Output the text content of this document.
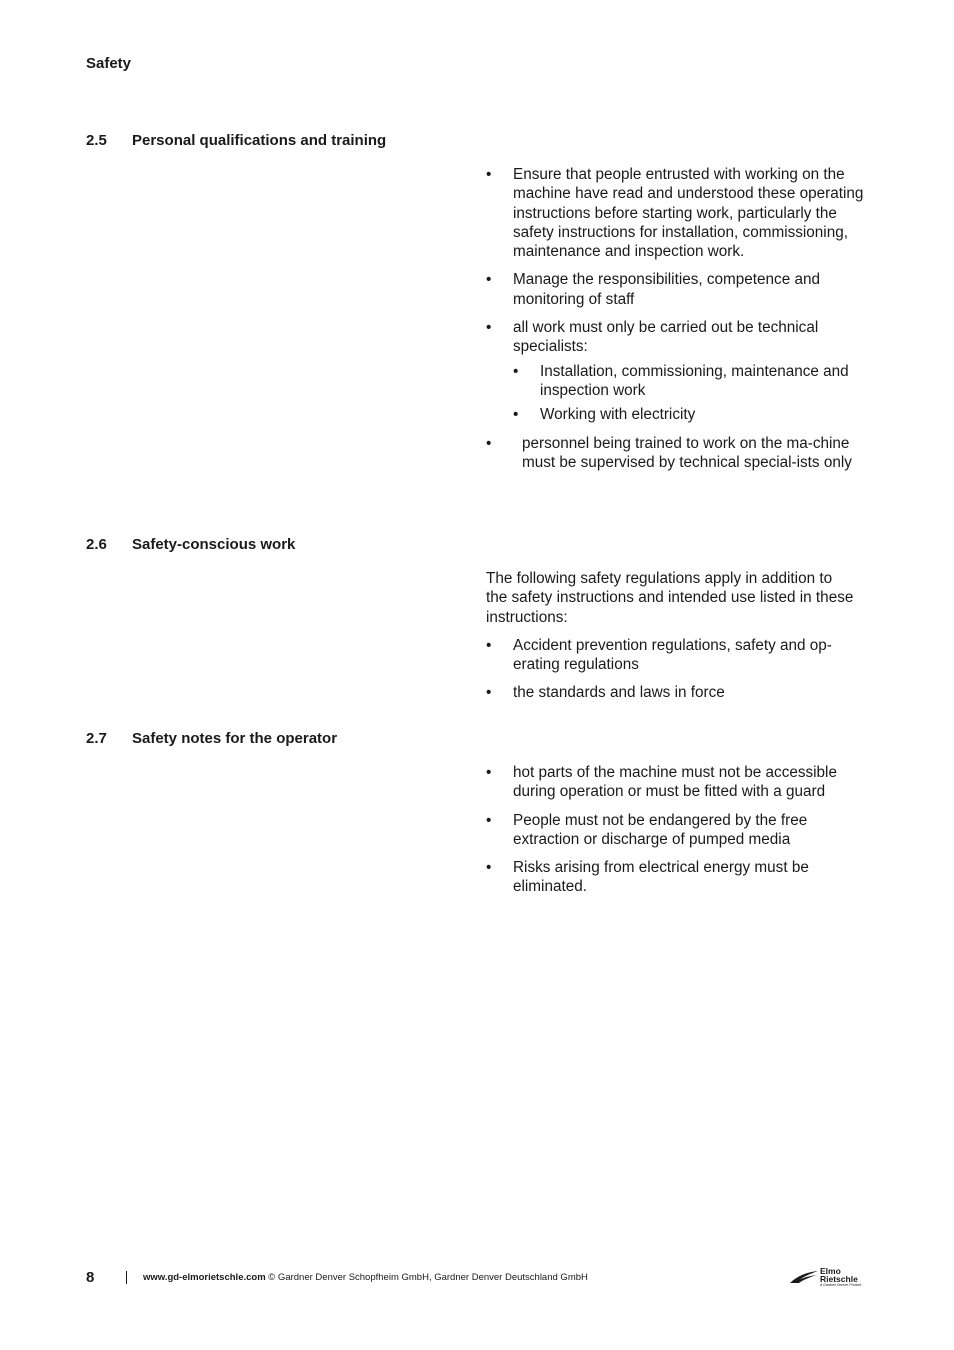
Safety
2.5 Personal qualifications and training
• Ensure that people entrusted with working on the machine have read and understood these operating instructions before starting work, particularly the safety instructions for installation, commissioning, maintenance and inspection work.
• Manage the responsibilities, competence and monitoring of staff
• all work must only be carried out be technical specialists:
• Installation, commissioning, maintenance and inspection work
• Working with electricity
• personnel being trained to work on the ma-chine must be supervised by technical special-ists only
2.6 Safety-conscious work

The following safety regulations apply in addition to the safety instructions and intended use listed in these instructions:

• Accident prevention regulations, safety and op-erating regulations
• the standards and laws in force
2.7 Safety notes for the operator
• hot parts of the machine must not be accessible during operation or must be fitted with a guard
• People must not be endangered by the free extraction or discharge of pumped media
• Risks arising from electrical energy must be eliminated.
8	www.gd-elmorietschle.com © Gardner Denver Schopfheim GmbH, Gardner Denver Deutschland GmbH
Elmo
Rietschle
A Gardner Denver Product
